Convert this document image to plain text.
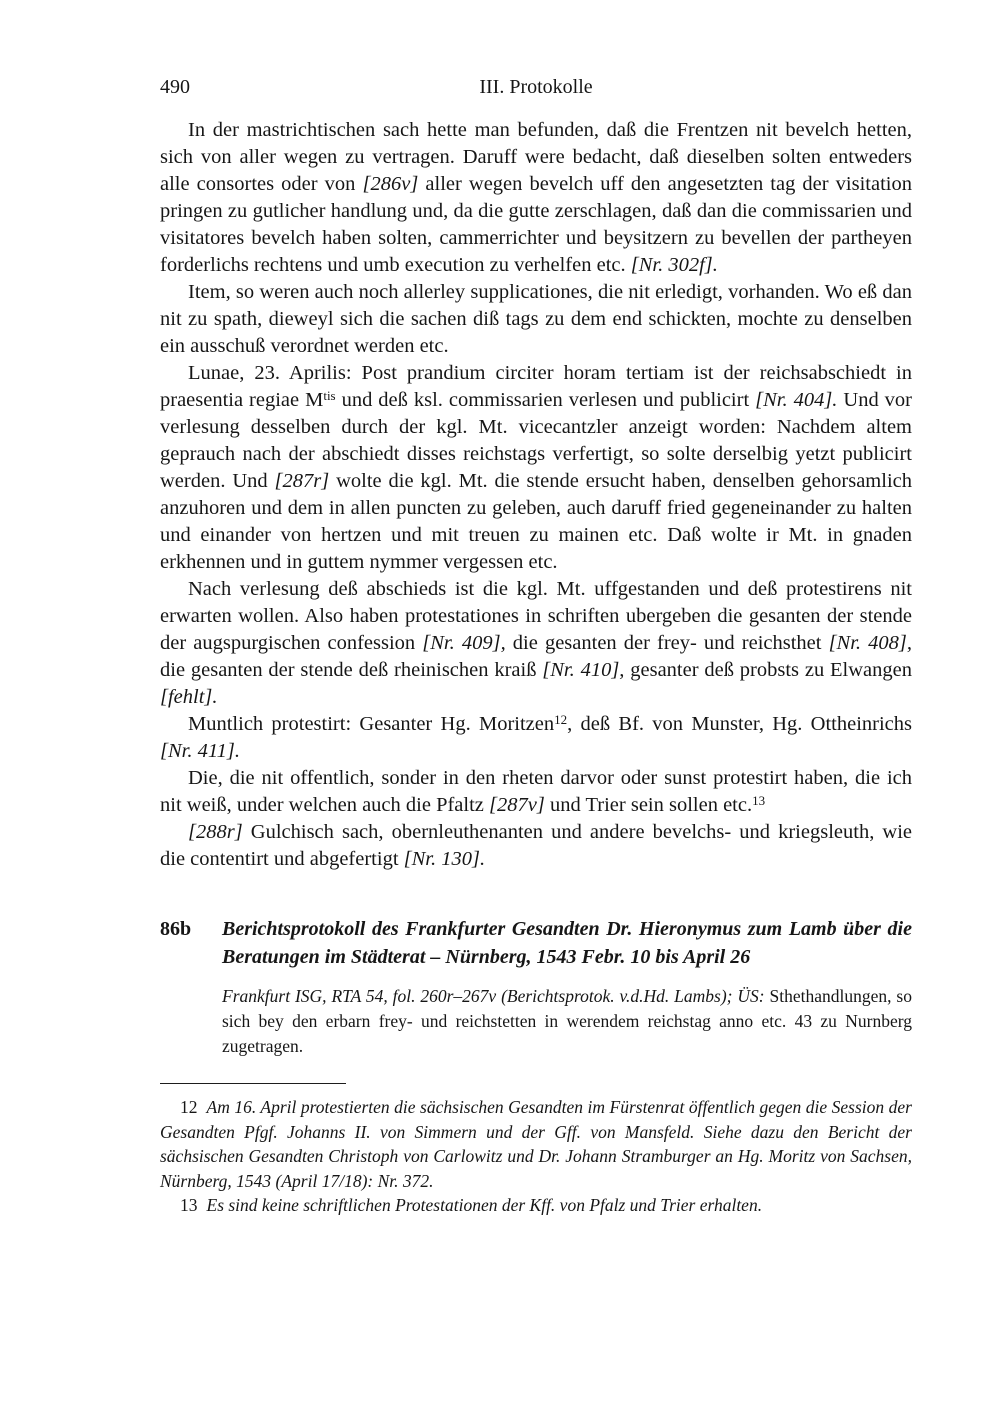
490	III. Protokolle

In der mastrichtischen sach hette man befunden, daß die Frentzen nit bevelch hetten, sich von aller wegen zu vertragen. Daruff were bedacht, daß dieselben solten entweders alle consortes oder von [286v] aller wegen bevelch uff den angesetzten tag der visitation pringen zu gutlicher handlung und, da die gutte zerschlagen, daß dan die commissarien und visitatores bevelch haben solten, cammerrichter und beysitzern zu bevellen der partheyen forderlichs rechtens und umb execution zu verhelfen etc. [Nr. 302f].

Item, so weren auch noch allerley supplicationes, die nit erledigt, vorhanden. Wo eß dan nit zu spath, dieweyl sich die sachen diß tags zu dem end schickten, mochte zu denselben ein ausschuß verordnet werden etc.

Lunae, 23. Aprilis: Post prandium circiter horam tertiam ist der reichsabschiedt in praesentia regiae $M^{tis}$ und deß ksl. commissarien verlesen und publicirt [Nr. 404]. Und vor verlesung desselben durch der kgl. Mt. vicecantzler anzeigt worden: Nachdem altem geprauch nach der abschiedt disses reichstags verfertigt, so solte derselbig yetzt publicirt werden. Und [287r] wolte die kgl. Mt. die stende ersucht haben, denselben gehorsamlich anzuhoren und dem in allen puncten zu geleben, auch daruff fried gegeneinander zu halten und einander von hertzen und mit treuen zu mainen etc. Daß wolte ir Mt. in gnaden erkhennen und in guttem nymmer vergessen etc.

Nach verlesung deß abschieds ist die kgl. Mt. uffgestanden und deß protestirens nit erwarten wollen. Also haben protestationes in schriften ubergeben die gesanten der stende der augspurgischen confession [Nr. 409], die gesanten der frey- und reichsthet [Nr. 408], die gesanten der stende deß rheinischen kraiß [Nr. 410], gesanter deß probsts zu Elwangen [fehlt].

Muntlich protestirt: Gesanter Hg. Moritzen$^{12}$, deß Bf. von Munster, Hg. Ottheinrichs [Nr. 411].

Die, die nit offentlich, sonder in den rheten darvor oder sunst protestirt haben, die ich nit weiß, under welchen auch die Pfaltz [287v] und Trier sein sollen etc.$^{13}$

[288r] Gulchisch sach, obernleuthenanten und andere bevelchs- und kriegsleuth, wie die contentirt und abgefertigt [Nr. 130].

86b	Berichtsprotokoll des Frankfurter Gesandten Dr. Hieronymus zum Lamb über die Beratungen im Städterat – Nürnberg, 1543 Febr. 10 bis April 26

Frankfurt ISG, RTA 54, fol. 260r–267v (Berichtsprotok. v.d.Hd. Lambs); ÜS: Sthethandlungen, so sich bey den erbarn frey- und reichstetten in werendem reichstag anno etc. 43 zu Nurnberg zugetragen.

12 Am 16. April protestierten die sächsischen Gesandten im Fürstenrat öffentlich gegen die Session der Gesandten Pfgf. Johanns II. von Simmern und der Gff. von Mansfeld. Siehe dazu den Bericht der sächsischen Gesandten Christoph von Carlowitz und Dr. Johann Stramburger an Hg. Moritz von Sachsen, Nürnberg, 1543 (April 17/18): Nr. 372.

13 Es sind keine schriftlichen Protestationen der Kff. von Pfalz und Trier erhalten.
